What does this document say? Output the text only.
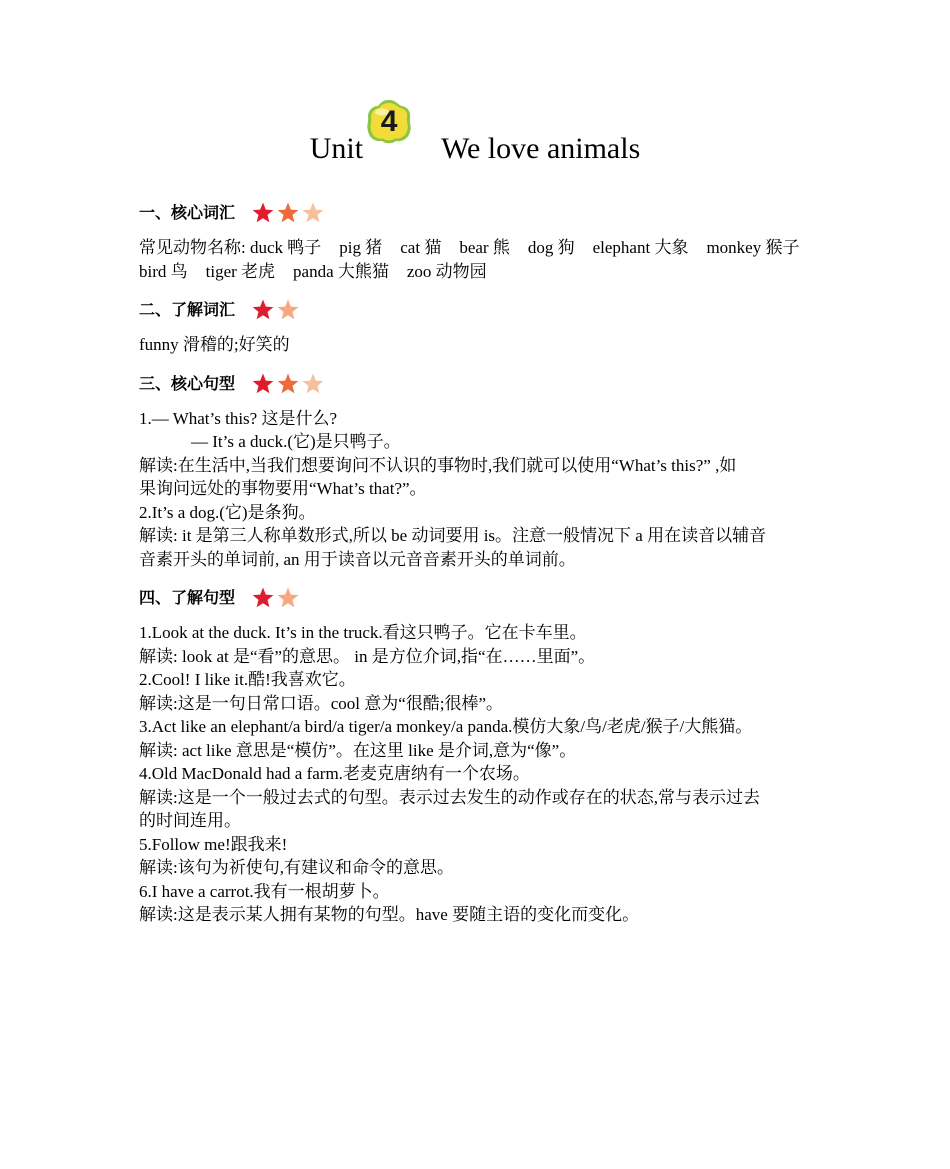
Unit
4
We love animals
一、核心词汇
常见动物名称: duck 鸭子 pig 猪 cat 猫 bear 熊 dog 狗 elephant 大象 monkey 猴子
bird 鸟 tiger 老虎 panda 大熊猫 zoo 动物园
二、了解词汇
funny 滑稽的;好笑的
三、核心句型
1.— What’s this? 这是什么?
— It’s a duck.(它)是只鸭子。
解读:在生活中,当我们想要询问不认识的事物时,我们就可以使用“What’s this?” ,如
果询问远处的事物要用“What’s that?”。
2.It’s a dog.(它)是条狗。
解读: it 是第三人称单数形式,所以 be 动词要用 is。注意一般情况下 a 用在读音以辅音
音素开头的单词前, an 用于读音以元音音素开头的单词前。
四、了解句型
1.Look at the duck. It’s in the truck.看这只鸭子。它在卡车里。
解读: look at 是“看”的意思。 in 是方位介词,指“在……里面”。
2.Cool! I like it.酷!我喜欢它。
解读:这是一句日常口语。cool 意为“很酷;很棒”。
3.Act like an elephant/a bird/a tiger/a monkey/a panda.模仿大象/鸟/老虎/猴子/大熊猫。
解读: act like 意思是“模仿”。在这里 like 是介词,意为“像”。
4.Old MacDonald had a farm.老麦克唐纳有一个农场。
解读:这是一个一般过去式的句型。表示过去发生的动作或存在的状态,常与表示过去
的时间连用。
5.Follow me!跟我来!
解读:该句为祈使句,有建议和命令的意思。
6.I have a carrot.我有一根胡萝卜。
解读:这是表示某人拥有某物的句型。have 要随主语的变化而变化。
